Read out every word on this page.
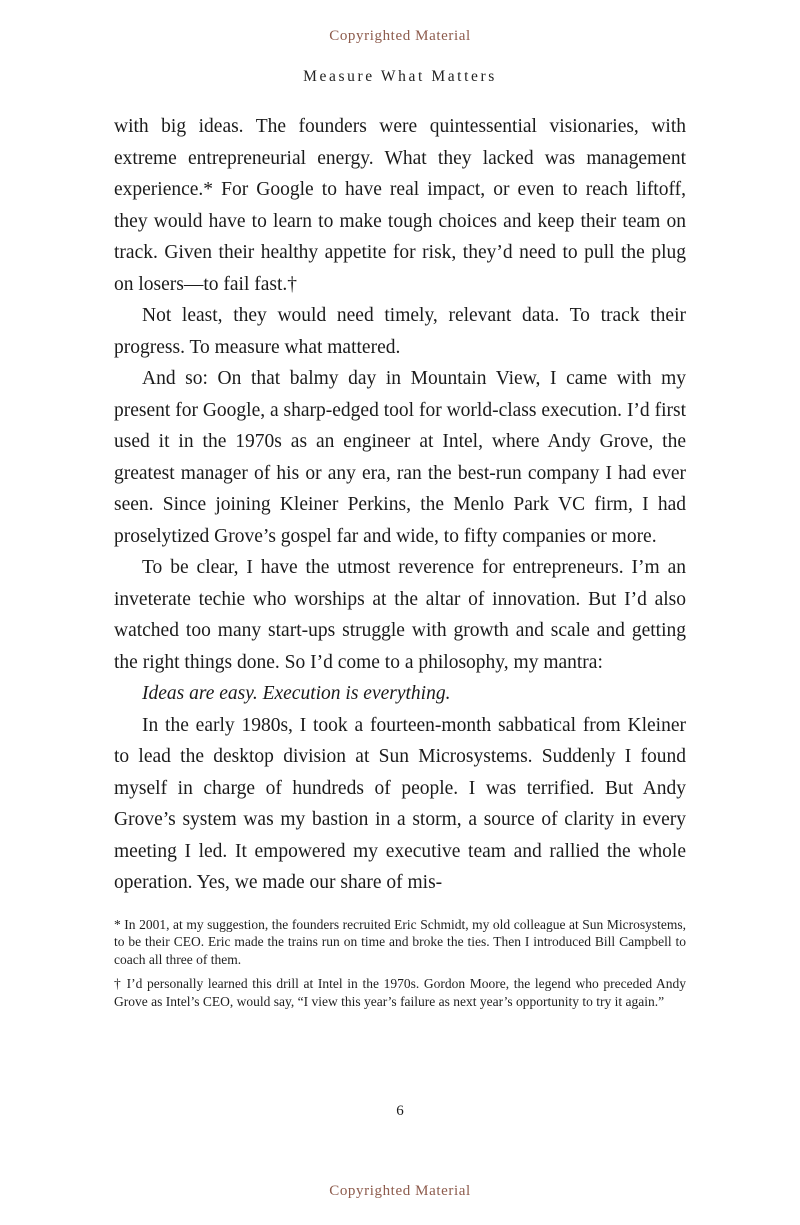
Copyrighted Material
Measure What Matters

with big ideas. The founders were quintessential visionaries, with extreme entrepreneurial energy. What they lacked was management experience.* For Google to have real impact, or even to reach liftoff, they would have to learn to make tough choices and keep their team on track. Given their healthy appetite for risk, they’d need to pull the plug on losers—to fail fast.†

Not least, they would need timely, relevant data. To track their progress. To measure what mattered.

And so: On that balmy day in Mountain View, I came with my present for Google, a sharp-edged tool for world-class execution. I’d first used it in the 1970s as an engineer at Intel, where Andy Grove, the greatest manager of his or any era, ran the best-run company I had ever seen. Since joining Kleiner Perkins, the Menlo Park VC firm, I had proselytized Grove’s gospel far and wide, to fifty companies or more.

To be clear, I have the utmost reverence for entrepreneurs. I’m an inveterate techie who worships at the altar of innovation. But I’d also watched too many start-ups struggle with growth and scale and getting the right things done. So I’d come to a philosophy, my mantra:

Ideas are easy. Execution is everything.

In the early 1980s, I took a fourteen-month sabbatical from Kleiner to lead the desktop division at Sun Microsystems. Suddenly I found myself in charge of hundreds of people. I was terrified. But Andy Grove’s system was my bastion in a storm, a source of clarity in every meeting I led. It empowered my executive team and rallied the whole operation. Yes, we made our share of mis-

* In 2001, at my suggestion, the founders recruited Eric Schmidt, my old colleague at Sun Microsystems, to be their CEO. Eric made the trains run on time and broke the ties. Then I introduced Bill Campbell to coach all three of them.

† I’d personally learned this drill at Intel in the 1970s. Gordon Moore, the legend who preceded Andy Grove as Intel’s CEO, would say, “I view this year’s failure as next year’s opportunity to try it again.”

6
Copyrighted Material
